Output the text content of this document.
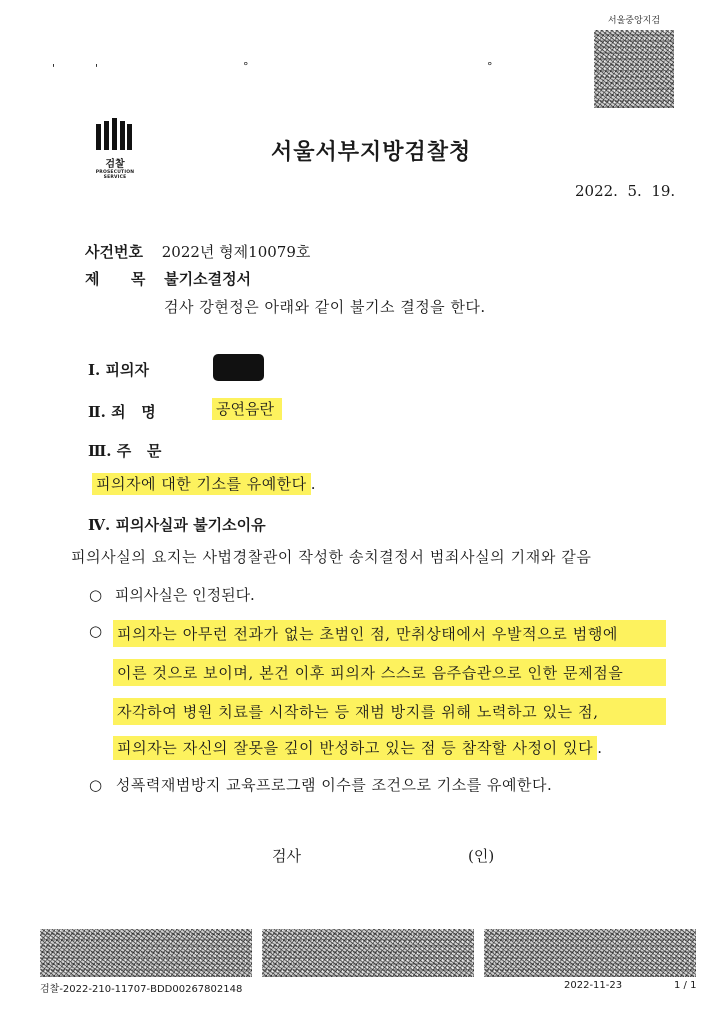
'	'	°	°
서울중앙지검
검찰
PROSECUTION SERVICE
서울서부지방검찰청
2022.  5.  19.
사건번호 2022년 형제10079호
제      목 불기소결정서
검사 강현정은 아래와 같이 불기소 결정을 한다.
Ⅰ. 피의자
Ⅱ. 죄   명	공연음란
Ⅲ. 주   문
피의자에 대한 기소를 유예한다 .
Ⅳ. 피의사실과 불기소이유
피의사실의 요지는 사법경찰관이 작성한 송치결정서 범죄사실의 기재와 같음
○ 피의사실은 인정된다.
○ 피의자는 아무런 전과가 없는 초범인 점, 만취상태에서 우발적으로 범행에
이른 것으로 보이며, 본건 이후 피의자 스스로 음주습관으로 인한 문제점을
자각하여 병원 치료를 시작하는 등 재범 방지를 위해 노력하고 있는 점,
피의자는 자신의 잘못을 깊이 반성하고 있는 점 등 참작할 사정이 있다 .
○ 성폭력재범방지 교육프로그램 이수를 조건으로 기소를 유예한다.
검사	(인)
검찰-2022-210-11707-BDD00267802148	2022-11-23	1 / 1
